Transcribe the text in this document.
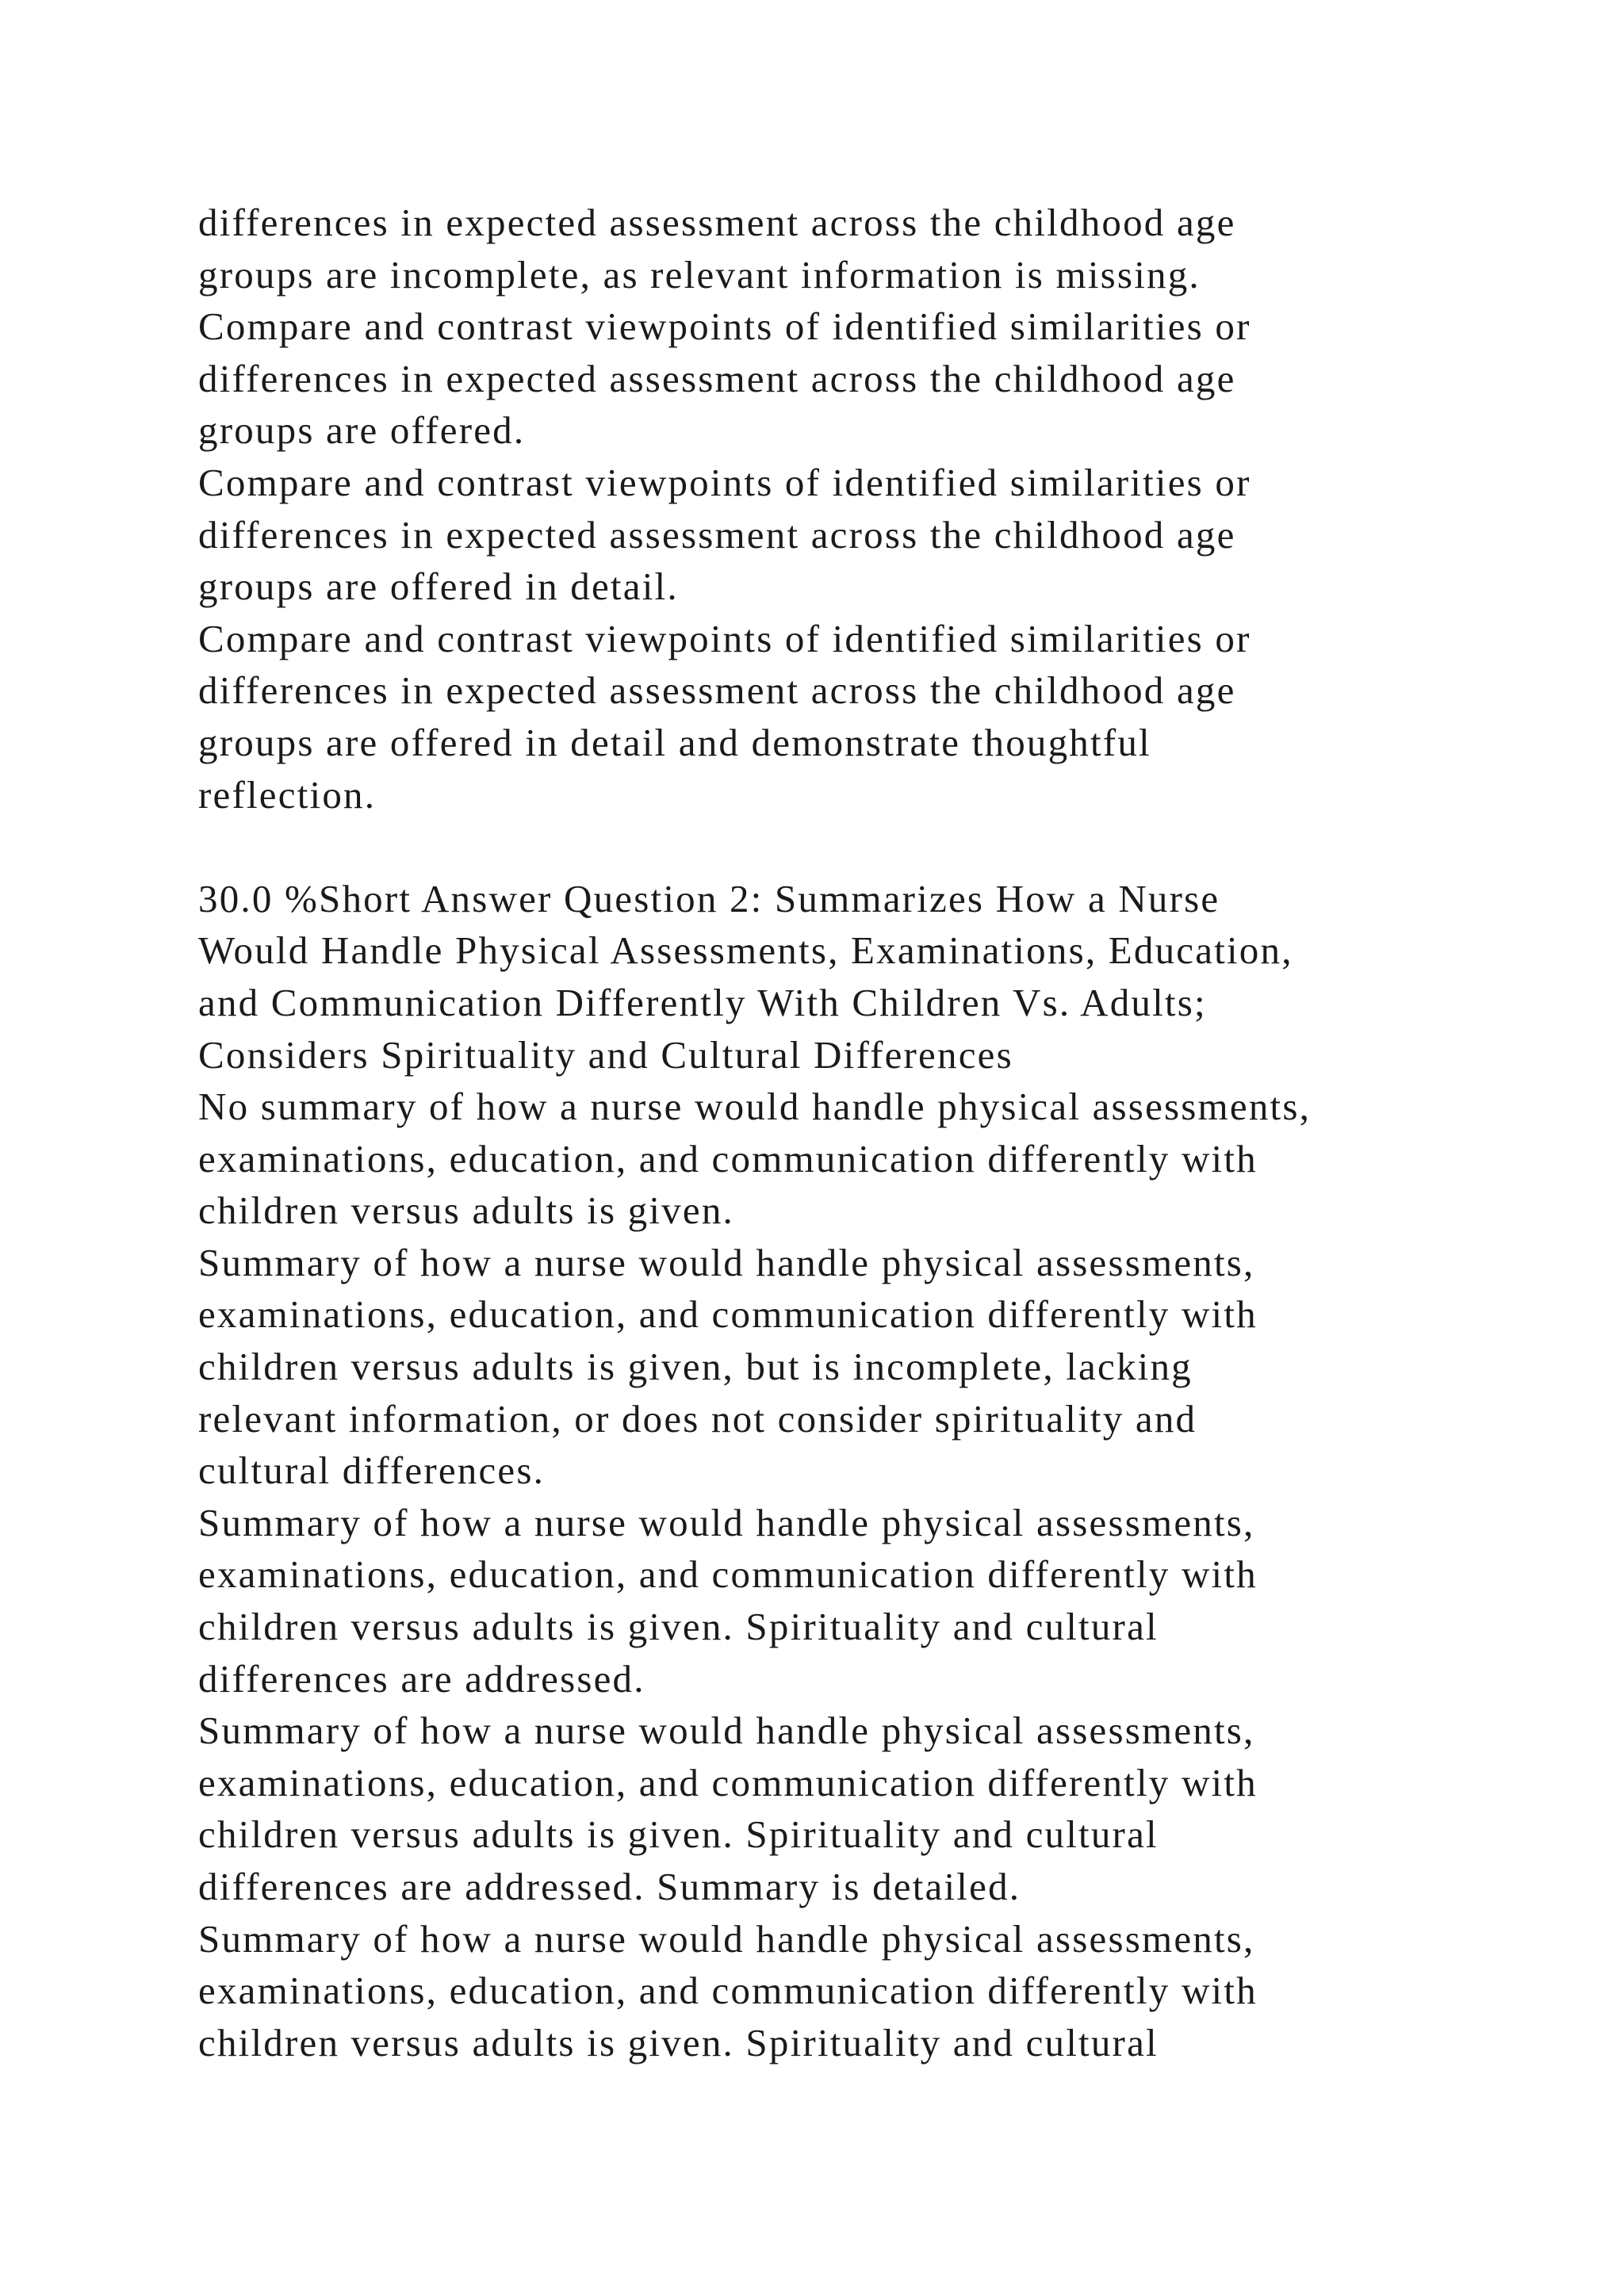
differences in expected assessment across the childhood age
groups are incomplete, as relevant information is missing.
Compare and contrast viewpoints of identified similarities or
differences in expected assessment across the childhood age
groups are offered.
Compare and contrast viewpoints of identified similarities or
differences in expected assessment across the childhood age
groups are offered in detail.
Compare and contrast viewpoints of identified similarities or
differences in expected assessment across the childhood age
groups are offered in detail and demonstrate thoughtful
reflection.
30.0 %Short Answer Question 2: Summarizes How a Nurse
Would Handle Physical Assessments, Examinations, Education,
and Communication Differently With Children Vs. Adults;
Considers Spirituality and Cultural Differences
No summary of how a nurse would handle physical assessments,
examinations, education, and communication differently with
children versus adults is given.
Summary of how a nurse would handle physical assessments,
examinations, education, and communication differently with
children versus adults is given, but is incomplete, lacking
relevant information, or does not consider spirituality and
cultural differences.
Summary of how a nurse would handle physical assessments,
examinations, education, and communication differently with
children versus adults is given. Spirituality and cultural
differences are addressed.
Summary of how a nurse would handle physical assessments,
examinations, education, and communication differently with
children versus adults is given. Spirituality and cultural
differences are addressed. Summary is detailed.
Summary of how a nurse would handle physical assessments,
examinations, education, and communication differently with
children versus adults is given. Spirituality and cultural
